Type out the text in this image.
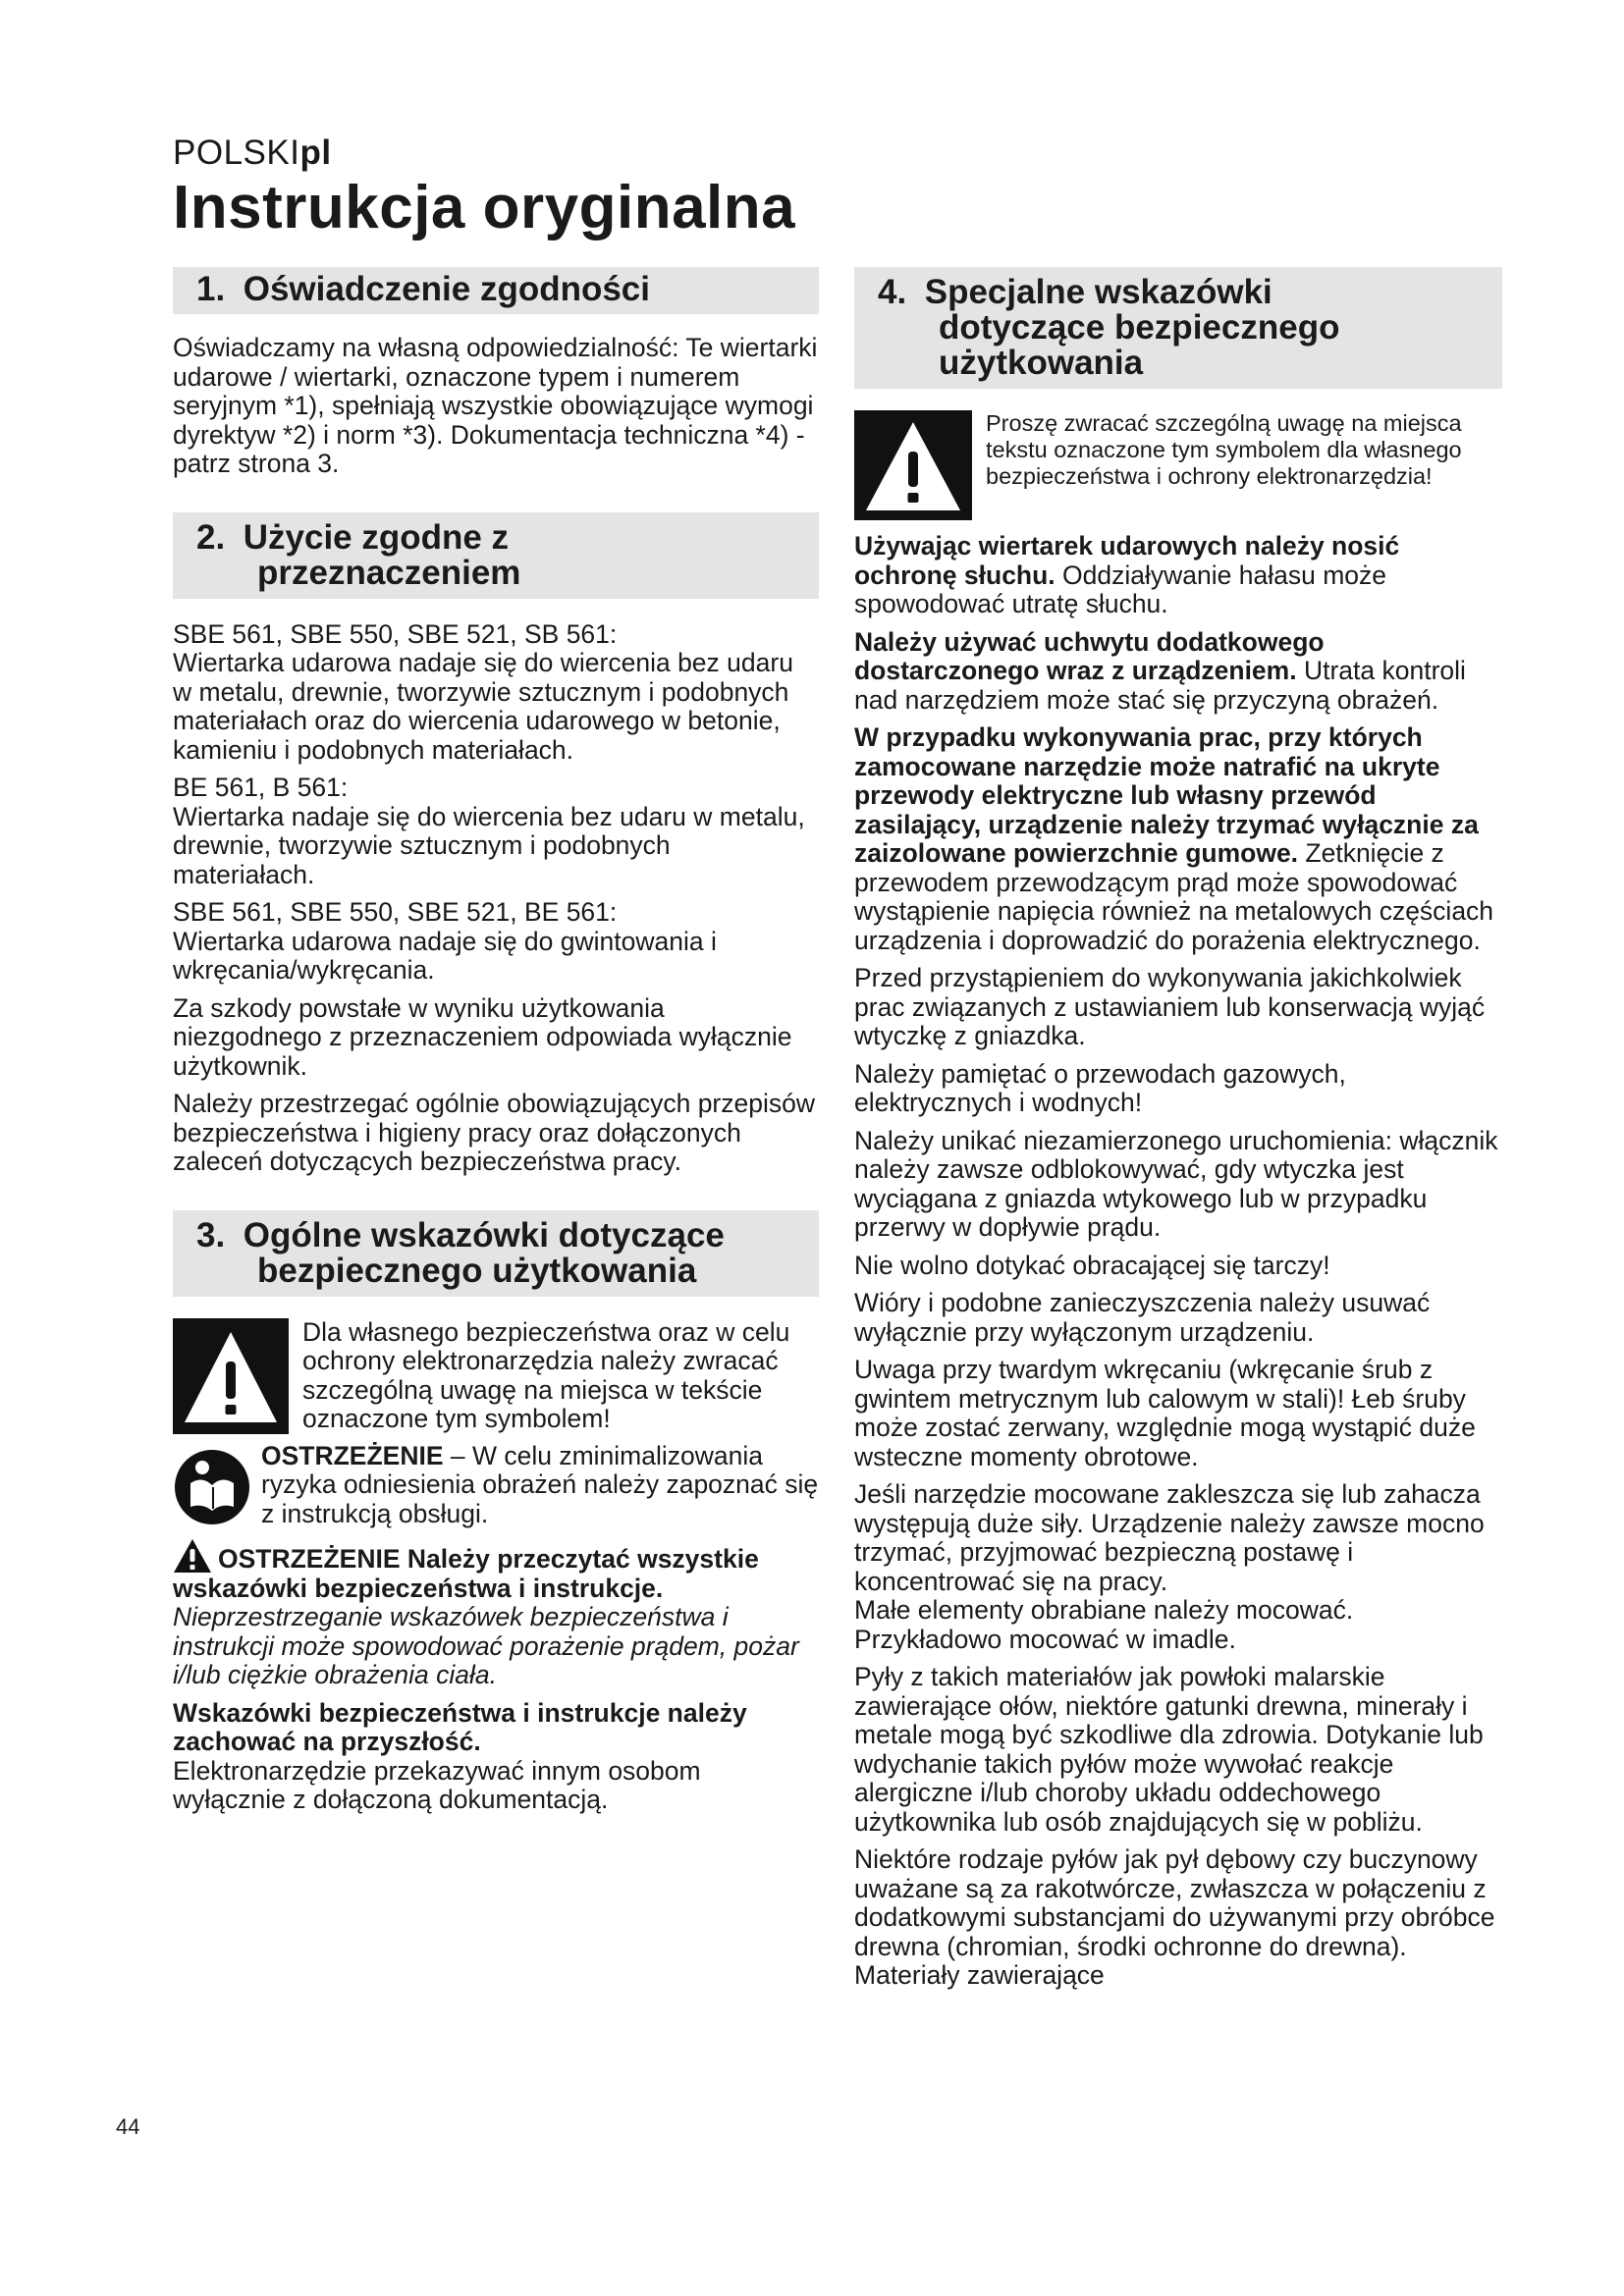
POLSKIpl
Instrukcja oryginalna
1. Oświadczenie zgodności

Oświadczamy na własną odpowiedzialność: Te wiertarki udarowe / wiertarki, oznaczone typem i numerem seryjnym *1), spełniają wszystkie obowiązujące wymogi dyrektyw *2) i norm *3). Dokumentacja techniczna *4) - patrz strona 3.

2. Użycie zgodne z
przeznaczeniem

SBE 561, SBE 550, SBE 521, SB 561:
Wiertarka udarowa nadaje się do wiercenia bez udaru w metalu, drewnie, tworzywie sztucznym i podobnych materiałach oraz do wiercenia udarowego w betonie, kamieniu i podobnych materiałach.

BE 561, B 561:
Wiertarka nadaje się do wiercenia bez udaru w metalu, drewnie, tworzywie sztucznym i podobnych materiałach.

SBE 561, SBE 550, SBE 521, BE 561:
Wiertarka udarowa nadaje się do gwintowania i wkręcania/wykręcania.

Za szkody powstałe w wyniku użytkowania niezgodnego z przeznaczeniem odpowiada wyłącznie użytkownik.

Należy przestrzegać ogólnie obowiązujących przepisów bezpieczeństwa i higieny pracy oraz dołączonych zaleceń dotyczących bezpieczeństwa pracy.

3. Ogólne wskazówki dotyczące
bezpiecznego użytkowania

Dla własnego bezpieczeństwa oraz w celu ochrony elektronarzędzia należy zwracać szczególną uwagę na miejsca w tekście oznaczone tym symbolem!

OSTRZEŻENIE – W celu zminimalizowania ryzyka odniesienia obrażeń należy zapoznać się z instrukcją obsługi.

OSTRZEŻENIE Należy przeczytać wszystkie wskazówki bezpieczeństwa i instrukcje. Nieprzestrzeganie wskazówek bezpieczeństwa i instrukcji może spowodować porażenie prądem, pożar i/lub ciężkie obrażenia ciała.

Wskazówki bezpieczeństwa i instrukcje należy zachować na przyszłość.
Elektronarzędzie przekazywać innym osobom wyłącznie z dołączoną dokumentacją.

4. Specjalne wskazówki
dotyczące bezpiecznego
użytkowania

Proszę zwracać szczególną uwagę na miejsca tekstu oznaczone tym symbolem dla własnego bezpieczeństwa i ochrony elektronarzędzia!

Używając wiertarek udarowych należy nosić ochronę słuchu. Oddziaływanie hałasu może spowodować utratę słuchu.

Należy używać uchwytu dodatkowego dostarczonego wraz z urządzeniem. Utrata kontroli nad narzędziem może stać się przyczyną obrażeń.

W przypadku wykonywania prac, przy których zamocowane narzędzie może natrafić na ukryte przewody elektryczne lub własny przewód zasilający, urządzenie należy trzymać wyłącznie za zaizolowane powierzchnie gumowe. Zetknięcie z przewodem przewodzącym prąd może spowodować wystąpienie napięcia również na metalowych częściach urządzenia i doprowadzić do porażenia elektrycznego.

Przed przystąpieniem do wykonywania jakichkolwiek prac związanych z ustawianiem lub konserwacją wyjąć wtyczkę z gniazdka.

Należy pamiętać o przewodach gazowych, elektrycznych i wodnych!

Należy unikać niezamierzonego uruchomienia: włącznik należy zawsze odblokowywać, gdy wtyczka jest wyciągana z gniazda wtykowego lub w przypadku przerwy w dopływie prądu.

Nie wolno dotykać obracającej się tarczy!

Wióry i podobne zanieczyszczenia należy usuwać wyłącznie przy wyłączonym urządzeniu.

Uwaga przy twardym wkręcaniu (wkręcanie śrub z gwintem metrycznym lub calowym w stali)! Łeb śruby może zostać zerwany, względnie mogą wystąpić duże wsteczne momenty obrotowe.

Jeśli narzędzie mocowane zakleszcza się lub zahacza występują duże siły. Urządzenie należy zawsze mocno trzymać, przyjmować bezpieczną postawę i koncentrować się na pracy.

Małe elementy obrabiane należy mocować. Przykładowo mocować w imadle.

Pyły z takich materiałów jak powłoki malarskie zawierające ołów, niektóre gatunki drewna, minerały i metale mogą być szkodliwe dla zdrowia. Dotykanie lub wdychanie takich pyłów może wywołać reakcje alergiczne i/lub choroby układu oddechowego użytkownika lub osób znajdujących się w pobliżu.

Niektóre rodzaje pyłów jak pył dębowy czy buczynowy uważane są za rakotwórcze, zwłaszcza w połączeniu z dodatkowymi substancjami do używanymi przy obróbce drewna (chromian, środki ochronne do drewna). Materiały zawierające

44
